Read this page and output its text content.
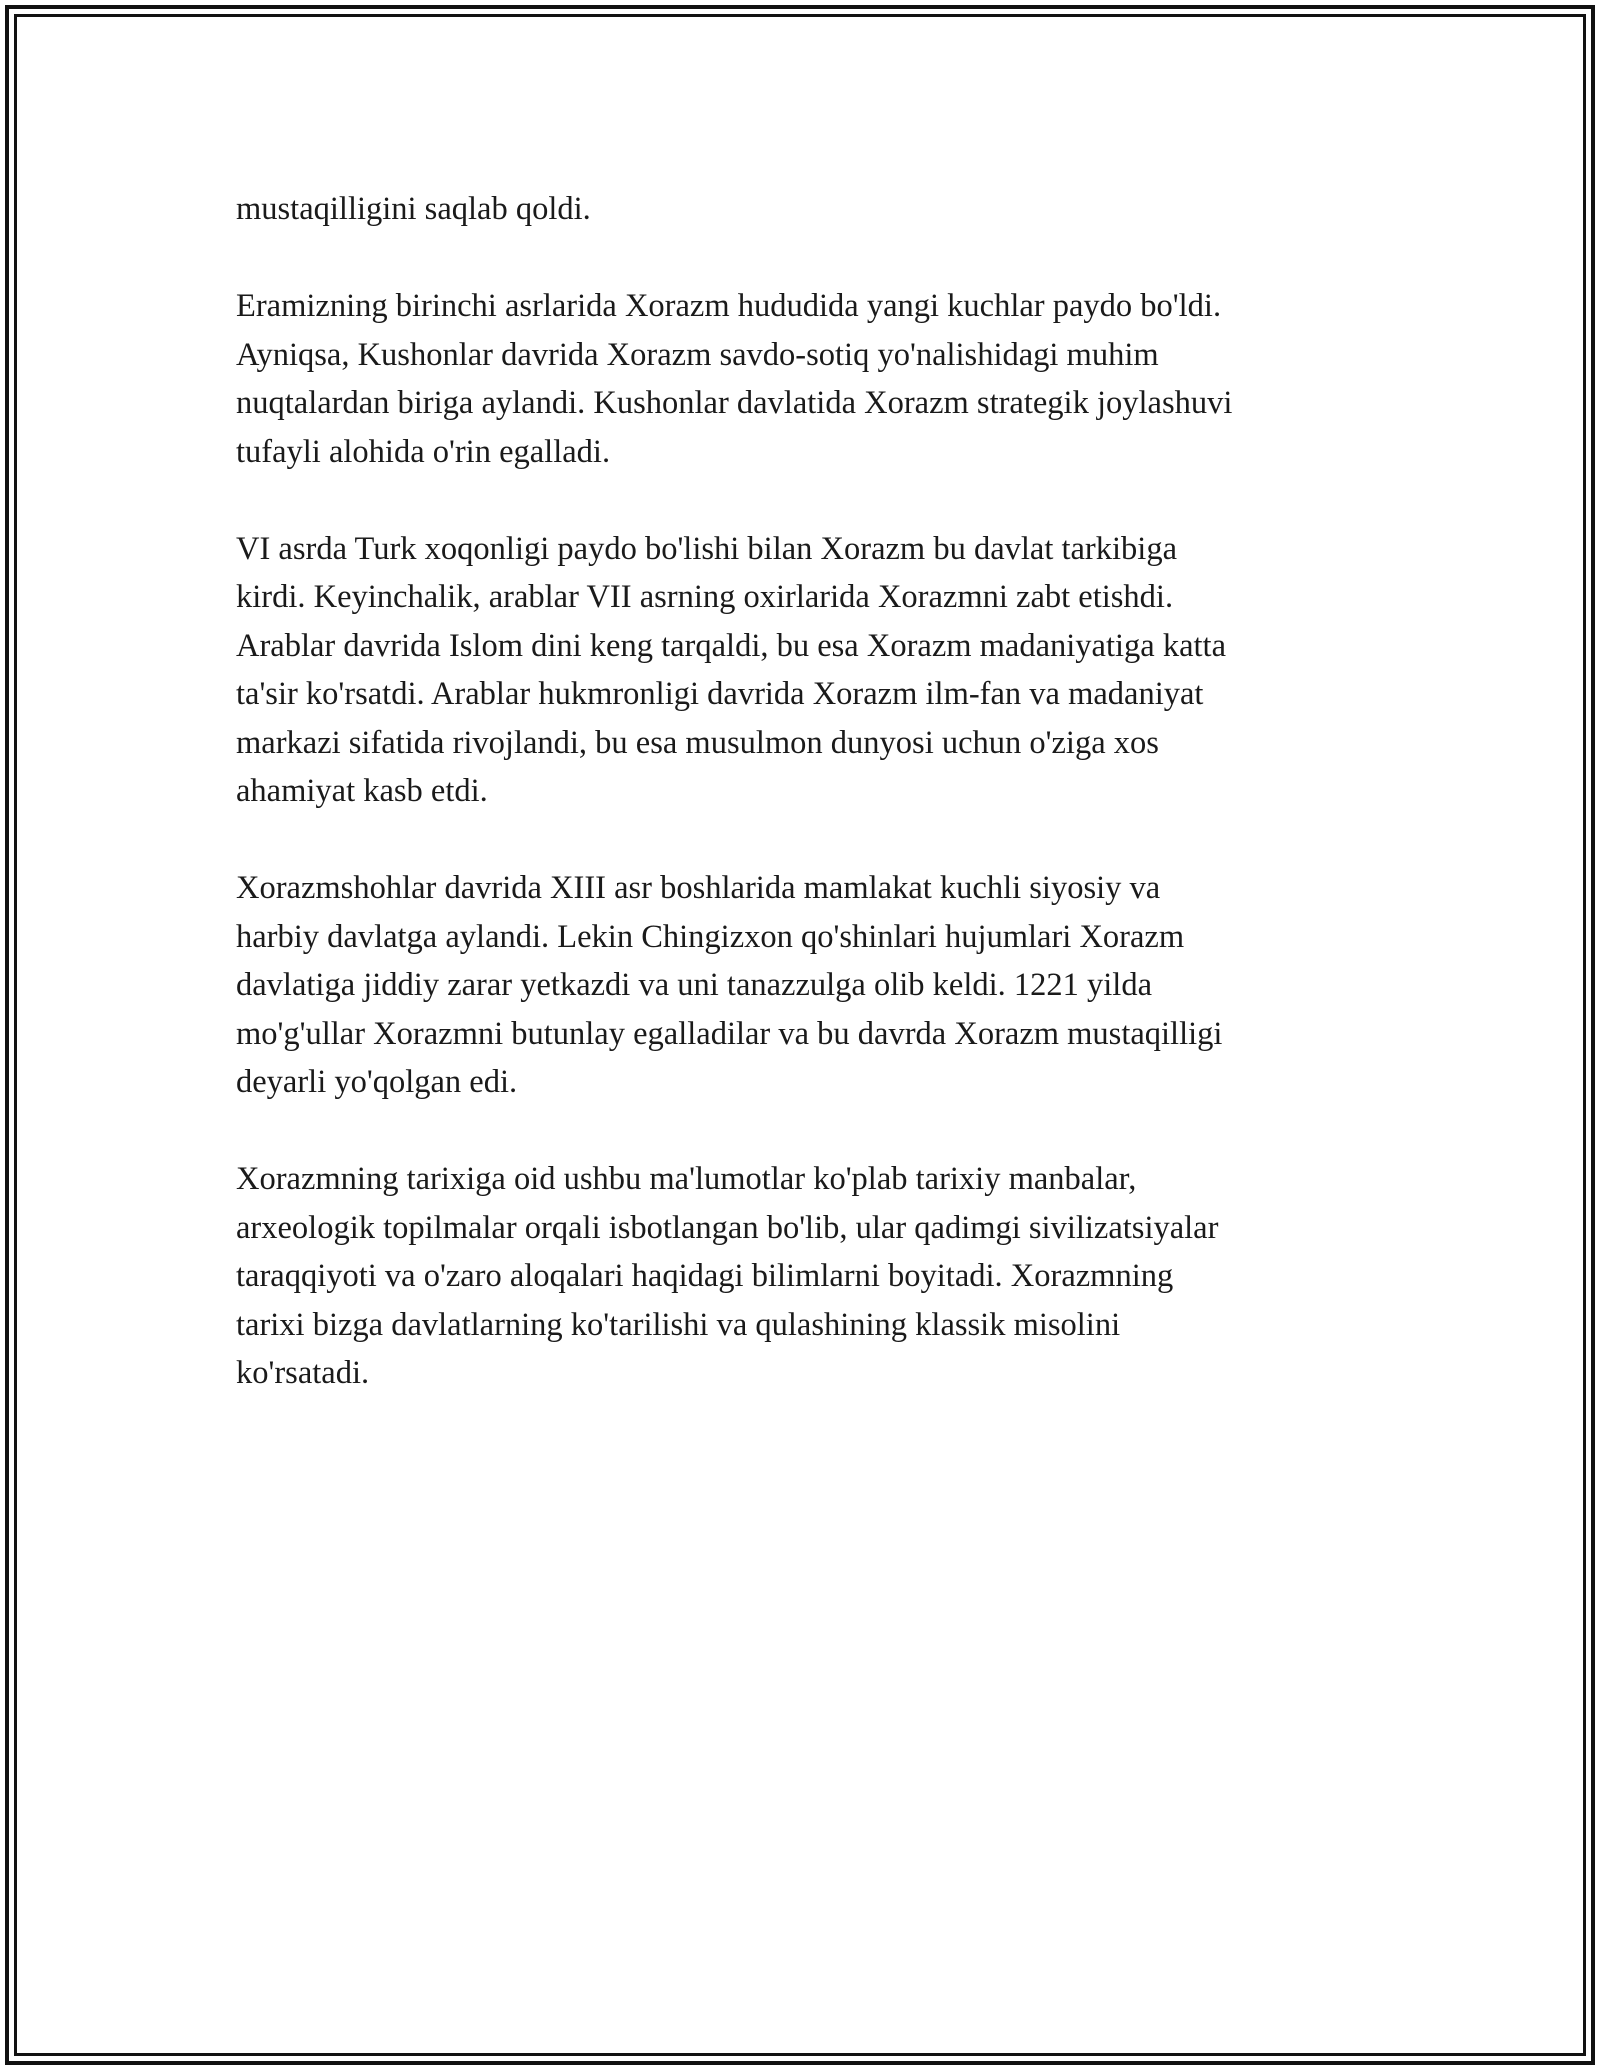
mustaqilligini saqlab qoldi.

Eramizning birinchi asrlarida Xorazm hududida yangi kuchlar paydo bo'ldi.
Ayniqsa, Kushonlar davrida Xorazm savdo-sotiq yo'nalishidagi muhim
nuqtalardan biriga aylandi. Kushonlar davlatida Xorazm strategik joylashuvi
tufayli alohida o'rin egalladi.

VI asrda Turk xoqonligi paydo bo'lishi bilan Xorazm bu davlat tarkibiga
kirdi. Keyinchalik, arablar VII asrning oxirlarida Xorazmni zabt etishdi.
Arablar davrida Islom dini keng tarqaldi, bu esa Xorazm madaniyatiga katta
ta'sir ko'rsatdi. Arablar hukmronligi davrida Xorazm ilm-fan va madaniyat
markazi sifatida rivojlandi, bu esa musulmon dunyosi uchun o'ziga xos
ahamiyat kasb etdi.

Xorazmshohlar davrida XIII asr boshlarida mamlakat kuchli siyosiy va
harbiy davlatga aylandi. Lekin Chingizxon qo'shinlari hujumlari Xorazm
davlatiga jiddiy zarar yetkazdi va uni tanazzulga olib keldi. 1221 yilda
mo'g'ullar Xorazmni butunlay egalladilar va bu davrda Xorazm mustaqilligi
deyarli yo'qolgan edi.

Xorazmning tarixiga oid ushbu ma'lumotlar ko'plab tarixiy manbalar,
arxeologik topilmalar orqali isbotlangan bo'lib, ular qadimgi sivilizatsiyalar
taraqqiyoti va o'zaro aloqalari haqidagi bilimlarni boyitadi. Xorazmning
tarixi bizga davlatlarning ko'tarilishi va qulashining klassik misolini
ko'rsatadi.
